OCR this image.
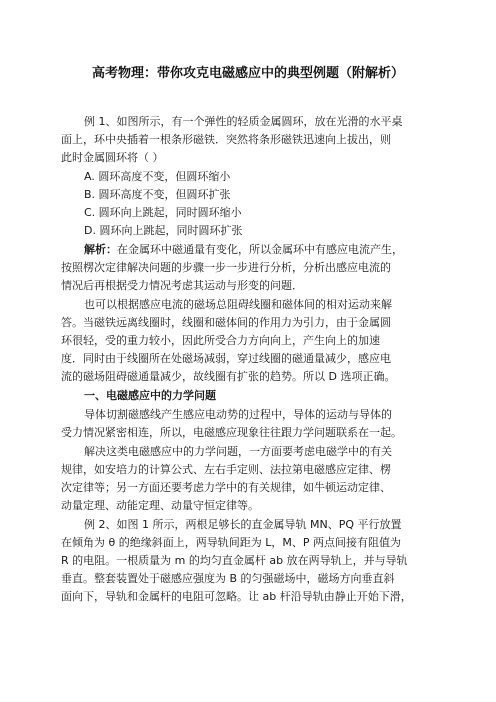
高考物理：带你攻克电磁感应中的典型例题（附解析）
例 1、如图所示，有一个弹性的轻质金属圆环，放在光滑的水平桌
面上，环中央插着一根条形磁铁．突然将条形磁铁迅速向上拔出，则
此时金属圆环将（ ）
A. 圆环高度不变，但圆环缩小
B. 圆环高度不变，但圆环扩张
C. 圆环向上跳起，同时圆环缩小
D. 圆环向上跳起，同时圆环扩张
解析：在金属环中磁通量有变化，所以金属环中有感应电流产生，
按照楞次定律解决问题的步骤一步一步进行分析，分析出感应电流的
情况后再根据受力情况考虑其运动与形变的问题．
也可以根据感应电流的磁场总阻碍线圈和磁体间的相对运动来解
答。当磁铁远离线圈时，线圈和磁体间的作用力为引力，由于金属圆
环很轻，受的重力较小，因此所受合力方向向上，产生向上的加速
度．同时由于线圈所在处磁场减弱，穿过线圈的磁通量减少，感应电
流的磁场阻碍磁通量减少，故线圈有扩张的趋势。所以 D 选项正确。
一、电磁感应中的力学问题
导体切割磁感线产生感应电动势的过程中，导体的运动与导体的
受力情况紧密相连，所以，电磁感应现象往往跟力学问题联系在一起。
解决这类电磁感应中的力学问题，一方面要考虑电磁学中的有关
规律，如安培力的计算公式、左右手定则、法拉第电磁感应定律、楞
次定律等；另一方面还要考虑力学中的有关规律，如牛顿运动定律、
动量定理、动能定理、动量守恒定律等。
例 2、如图 1 所示，两根足够长的直金属导轨 MN、PQ 平行放置
在倾角为 θ 的绝缘斜面上，两导轨间距为 L，M、P 两点间接有阻值为
R 的电阻。一根质量为 m 的均匀直金属杆 ab 放在两导轨上，并与导轨
垂直。整套装置处于磁感应强度为 B 的匀强磁场中，磁场方向垂直斜
面向下，导轨和金属杆的电阻可忽略。让 ab 杆沿导轨由静止开始下滑，
